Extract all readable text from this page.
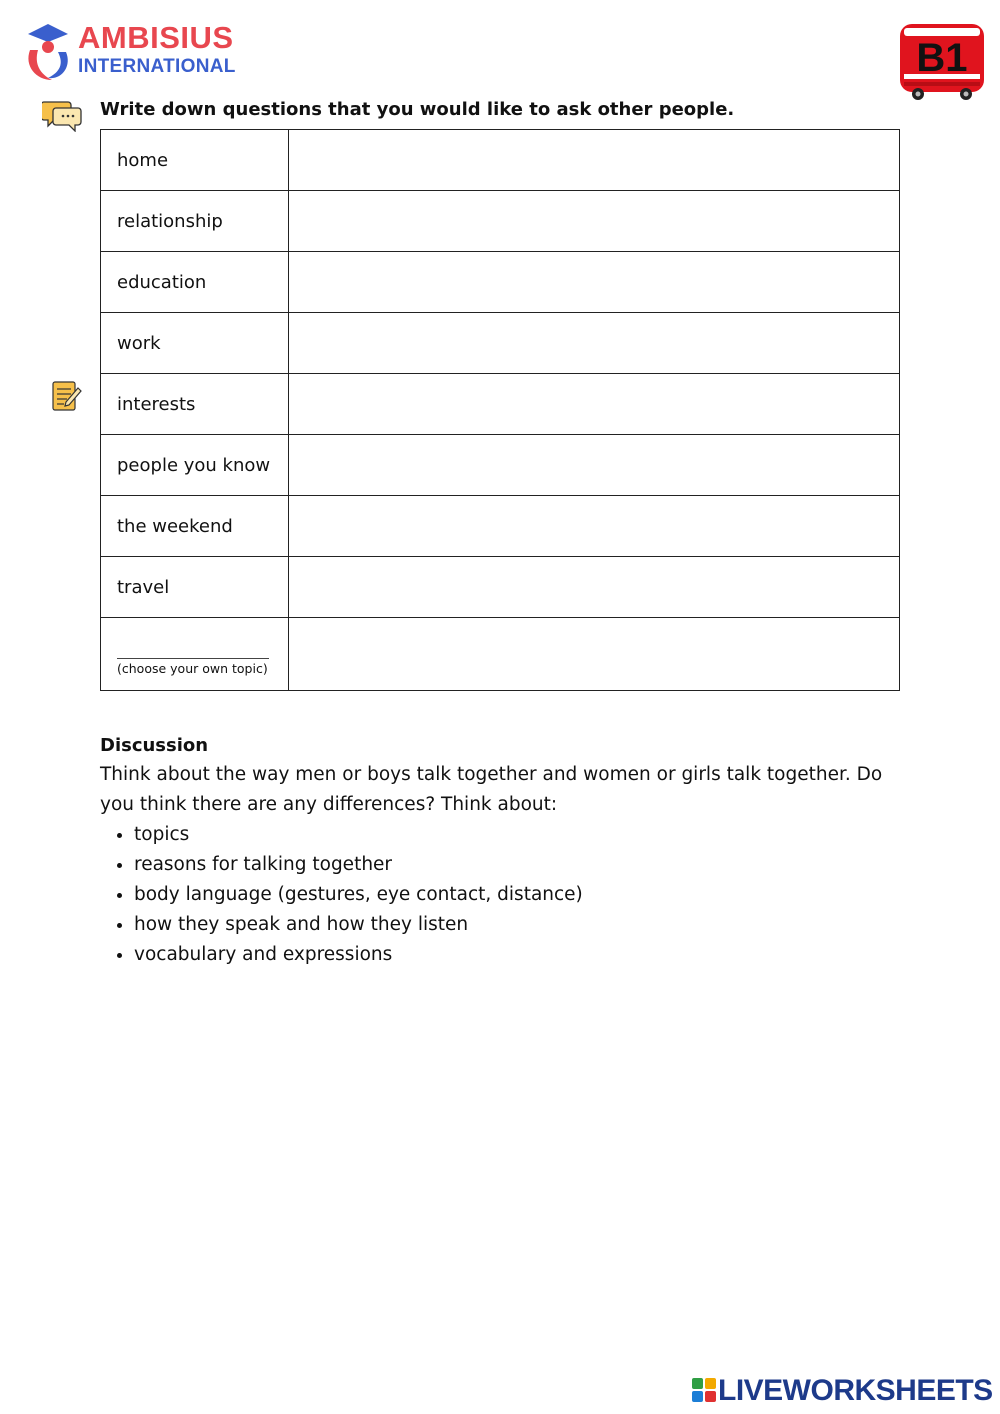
AMBISIUS
INTERNATIONAL	B1
Write down questions that you would like to ask other people.
home	
relationship	
education	
work	
interests	
people you know	
the weekend	
travel	

(choose your own topic)	

Discussion
Think about the way men or boys talk together and women or girls talk together. Do you think there are any differences? Think about:
• topics
• reasons for talking together
• body language (gestures, eye contact, distance)
• how they speak and how they listen
• vocabulary and expressions
LIVEWORKSHEETS
